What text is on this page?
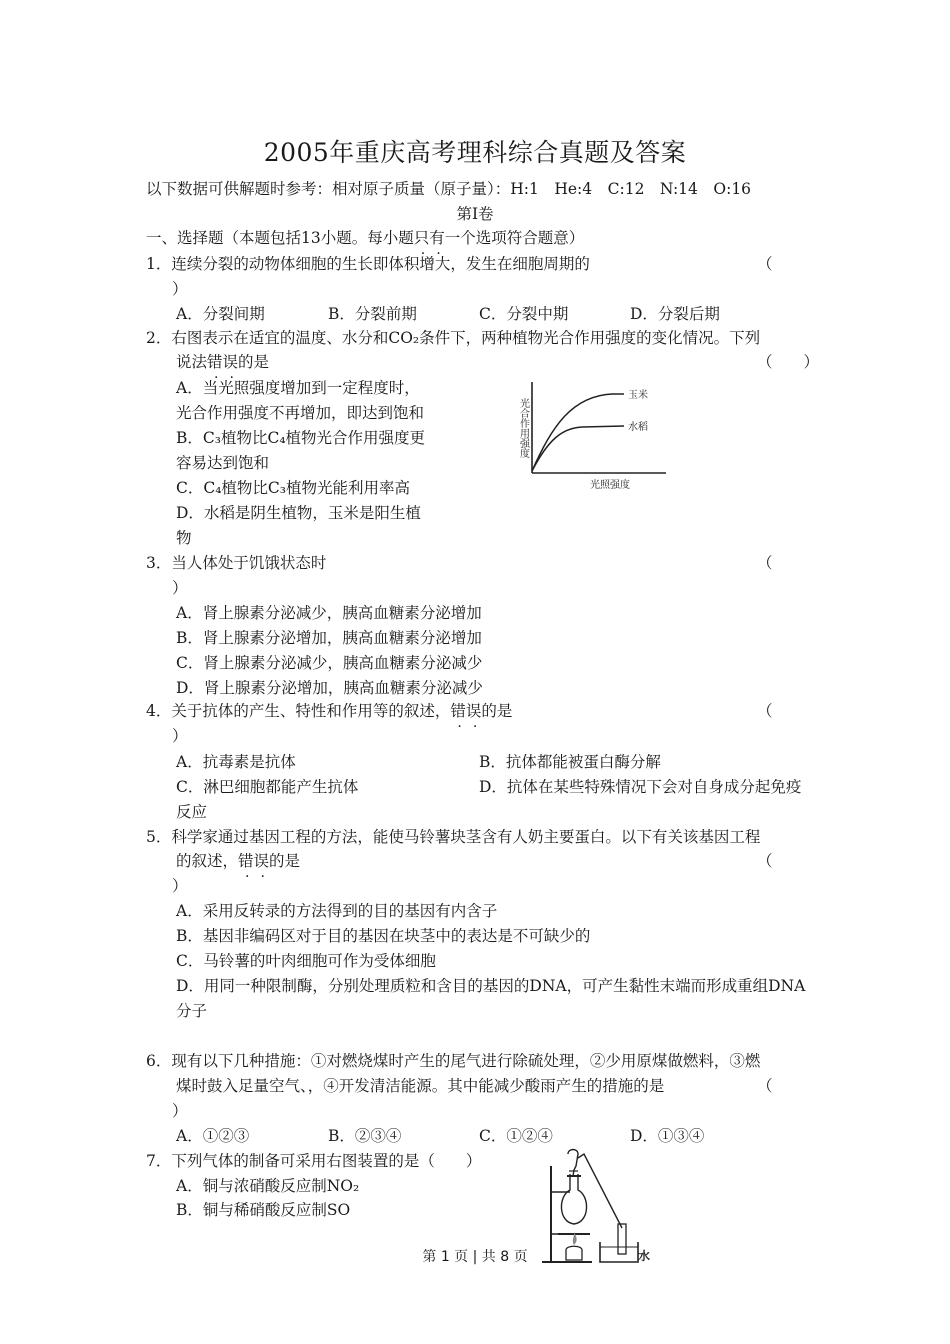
2005年重庆高考理科综合真题及答案
以下数据可供解题时参考：相对原子质量（原子量）：H:1　He:4　C:12　N:14　O:16
第Ⅰ卷
一、选择题（本题包括13小题。每小题只有一个选项符合题意）
1．连续分裂的动物体细胞的生长即体积增大，发生在细胞周期的	（
）
A．分裂间期	B．分裂前期	C．分裂中期	D．分裂后期
2．右图表示在适宜的温度、水分和CO₂条件下，两种植物光合作用强度的变化情况。下列
说法错误的是	（　　）
A．当光照强度增加到一定程度时，
光合作用强度不再增加，即达到饱和
B．C₃植物比C₄植物光合作用强度更
容易达到饱和
C．C₄植物比C₃植物光能利用率高
D．水稻是阴生植物，玉米是阳生植
物
玉米
水稻
光合作用强度
光照强度
3．当人体处于饥饿状态时	（
）
A．肾上腺素分泌减少，胰高血糖素分泌增加
B．肾上腺素分泌增加，胰高血糖素分泌增加
C．肾上腺素分泌减少，胰高血糖素分泌减少
D．肾上腺素分泌增加，胰高血糖素分泌减少
4．关于抗体的产生、特性和作用等的叙述，错误的是	（
）
A．抗毒素是抗体	B．抗体都能被蛋白酶分解
C．淋巴细胞都能产生抗体	D．抗体在某些特殊情况下会对自身成分起免疫
反应
5．科学家通过基因工程的方法，能使马铃薯块茎含有人奶主要蛋白。以下有关该基因工程
的叙述，错误的是	（
）
A．采用反转录的方法得到的目的基因有内含子
B．基因非编码区对于目的基因在块茎中的表达是不可缺少的
C．马铃薯的叶肉细胞可作为受体细胞
D．用同一种限制酶，分别处理质粒和含目的基因的DNA，可产生黏性末端而形成重组DNA
分子
6．现有以下几种措施：①对燃烧煤时产生的尾气进行除硫处理，②少用原煤做燃料，③燃
煤时鼓入足量空气、，④开发清洁能源。其中能减少酸雨产生的措施的是	（
）
A．①②③	B．②③④	C．①②④	D．①③④
7．下列气体的制备可采用右图装置的是（　　）
A．铜与浓硝酸反应制NO₂
B．铜与稀硝酸反应制SO
水
第 1 页 | 共 8 页
